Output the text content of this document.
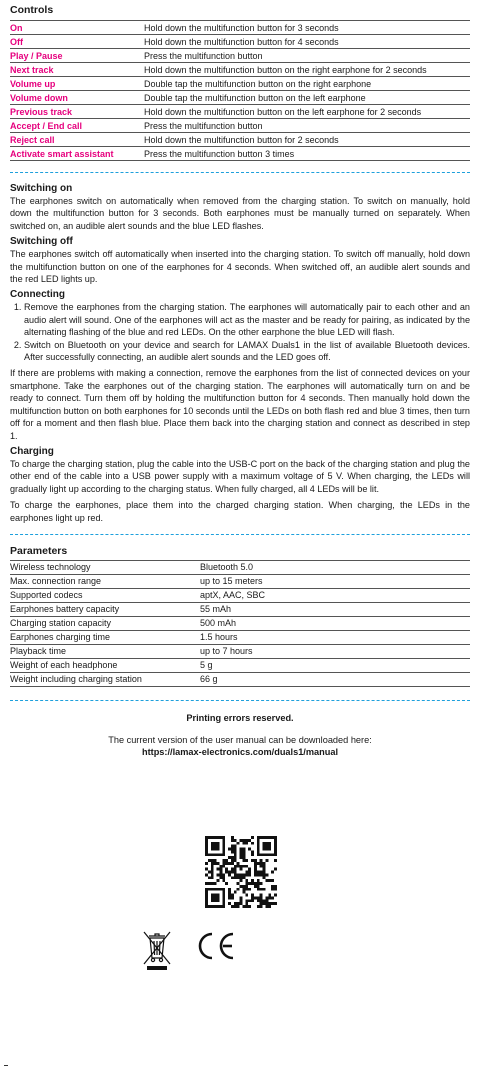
Controls
On	Hold down the multifunction button for 3 seconds
Off	Hold down the multifunction button for 4 seconds
Play / Pause	Press the multifunction button
Next track	Hold down the multifunction button on the right earphone for 2 seconds
Volume up	Double tap the multifunction button on the right earphone
Volume down	Double tap the multifunction button on the left earphone
Previous track	Hold down the multifunction button on the left earphone for 2 seconds
Accept / End call	Press the multifunction button
Reject call	Hold down the multifunction button for 2 seconds
Activate smart assistant	Press the multifunction button 3 times
Switching on

The earphones switch on automatically when removed from the charging station. To switch on manually, hold down the multifunction button for 3 seconds. Both earphones must be manually turned on separately. When switched on, an audible alert sounds and the blue LED flashes.

Switching off

The earphones switch off automatically when inserted into the charging station. To switch off manually, hold down the multifunction button on one of the earphones for 4 seconds. When switched off, an audible alert sounds and the red LED lights up.

Connecting
1. Remove the earphones from the charging station. The earphones will automatically pair to each other and an audio alert will sound. One of the earphones will act as the master and be ready for pairing, as indicated by the alternating flashing of the blue and red LEDs. On the other earphone the blue LED will flash.
2. Switch on Bluetooth on your device and search for LAMAX Duals1 in the list of available Bluetooth devices. After successfully connecting, an audible alert sounds and the LED goes off.

If there are problems with making a connection, remove the earphones from the list of connected devices on your smartphone. Take the earphones out of the charging station. The earphones will automatically turn on and be ready to connect. Turn them off by holding the multifunction button for 4 seconds. Then manually hold down the multifunction button on both earphones for 10 seconds until the LEDs on both flash red and blue 3 times, then turn off for a moment and then flash blue. Place them back into the charging station and connect as described in step 1.

Charging

To charge the charging station, plug the cable into the USB-C port on the back of the charging station and plug the other end of the cable into a USB power supply with a maximum voltage of 5 V. When charging, the LEDs will gradually light up according to the charging status. When fully charged, all 4 LEDs will be lit.

To charge the earphones, place them into the charged charging station. When charging, the LEDs in the earphones light up red.

Parameters
Wireless technology	Bluetooth 5.0
Max. connection range	up to 15 meters
Supported codecs	aptX, AAC, SBC
Earphones battery capacity	55 mAh
Charging station capacity	500 mAh
Earphones charging time	1.5 hours
Playback time	up to 7 hours
Weight of each headphone	5 g
Weight including charging station	66 g
Printing errors reserved.
The current version of the user manual can be downloaded here:
https://lamax-electronics.com/duals1/manual
